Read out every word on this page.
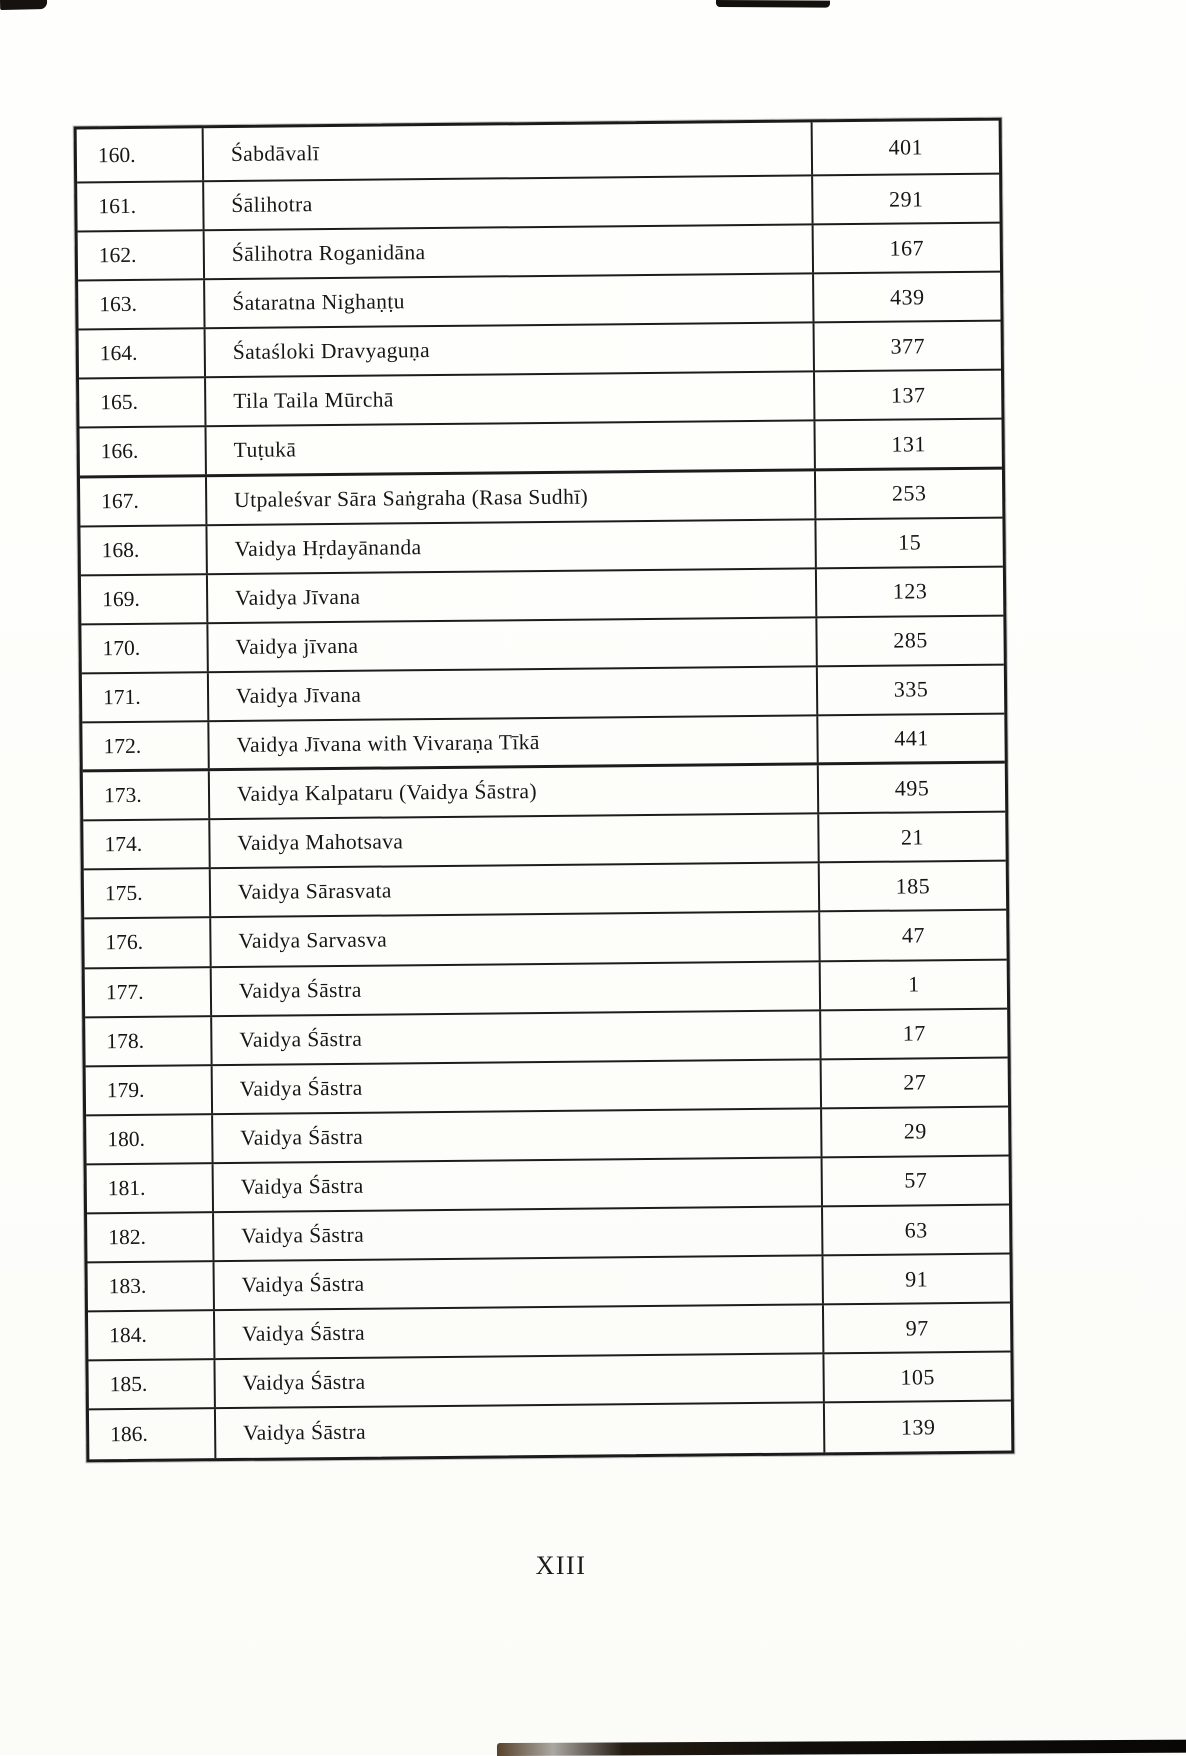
160.	Śabdāvalī	401
161.	Śālihotra	291
162.	Śālihotra Roganidāna	167
163.	Śataratna Nighaṇṭu	439
164.	Śataśloki Dravyaguṇa	377
165.	Tila Taila Mūrchā	137
166.	Tuṭukā	131
167.	Utpaleśvar Sāra Saṅgraha (Rasa Sudhī)	253
168.	Vaidya Hṛdayānanda	15
169.	Vaidya Jīvana	123
170.	Vaidya jīvana	285
171.	Vaidya Jīvana	335
172.	Vaidya Jīvana with Vivaraṇa Tīkā	441
173.	Vaidya Kalpataru (Vaidya Śāstra)	495
174.	Vaidya Mahotsava	21
175.	Vaidya Sārasvata	185
176.	Vaidya Sarvasva	47
177.	Vaidya Śāstra	1
178.	Vaidya Śāstra	17
179.	Vaidya Śāstra	27
180.	Vaidya Śāstra	29
181.	Vaidya Śāstra	57
182.	Vaidya Śāstra	63
183.	Vaidya Śāstra	91
184.	Vaidya Śāstra	97
185.	Vaidya Śāstra	105
186.	Vaidya Śāstra	139
XIII
